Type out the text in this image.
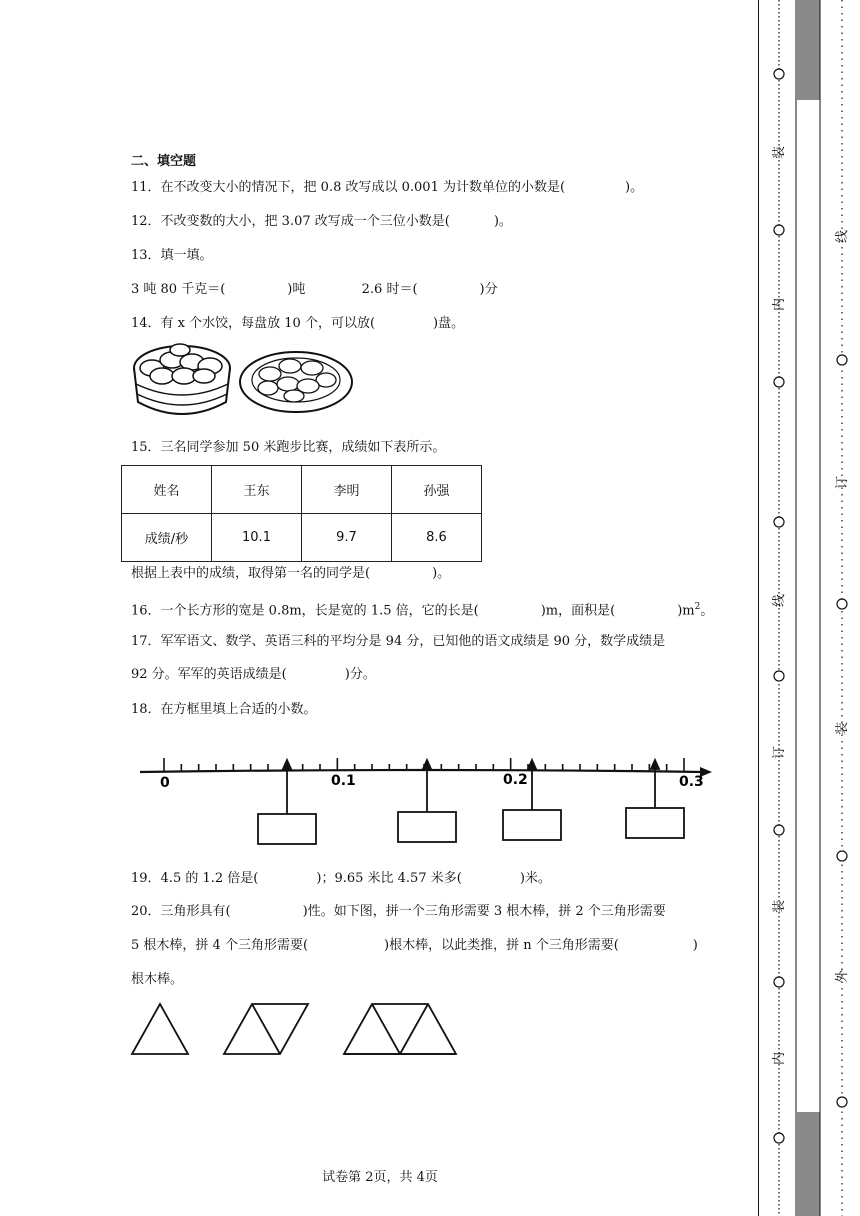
二、填空题
11．在不改变大小的情况下，把 0.8 改写成以 0.001 为计数单位的小数是(	)。
12．不改变数的大小，把 3.07 改写成一个三位小数是(	)。
13．填一填。
3 吨 80 千克＝(	)吨	2.6 时＝(	)分
14．有 x 个水饺，每盘放 10 个，可以放(	)盘。
15．三名同学参加 50 米跑步比赛，成绩如下表所示。
姓名	王东	李明	孙强
成绩/秒	10.1	9.7	8.6
根据上表中的成绩，取得第一名的同学是(	)。
16．一个长方形的宽是 0.8m，长是宽的 1.5 倍，它的长是(	)m，面积是(	)$m^2$。
17．军军语文、数学、英语三科的平均分是 94 分，已知他的语文成绩是 90 分，数学成绩是
92 分。军军的英语成绩是(	)分。
18．在方框里填上合适的小数。
0	0.1	0.2	0.3
19．4.5 的 1.2 倍是(	)；9.65 米比 4.57 米多(	)米。
20．三角形具有(	)性。如下图，拼一个三角形需要 3 根木棒，拼 2 个三角形需要
5 根木棒，拼 4 个三角形需要(	)根木棒，以此类推，拼 n 个三角形需要(	)
根木棒。
试卷第 2页，共 4页
装
内
线
订
装
内
线
订
装
外
